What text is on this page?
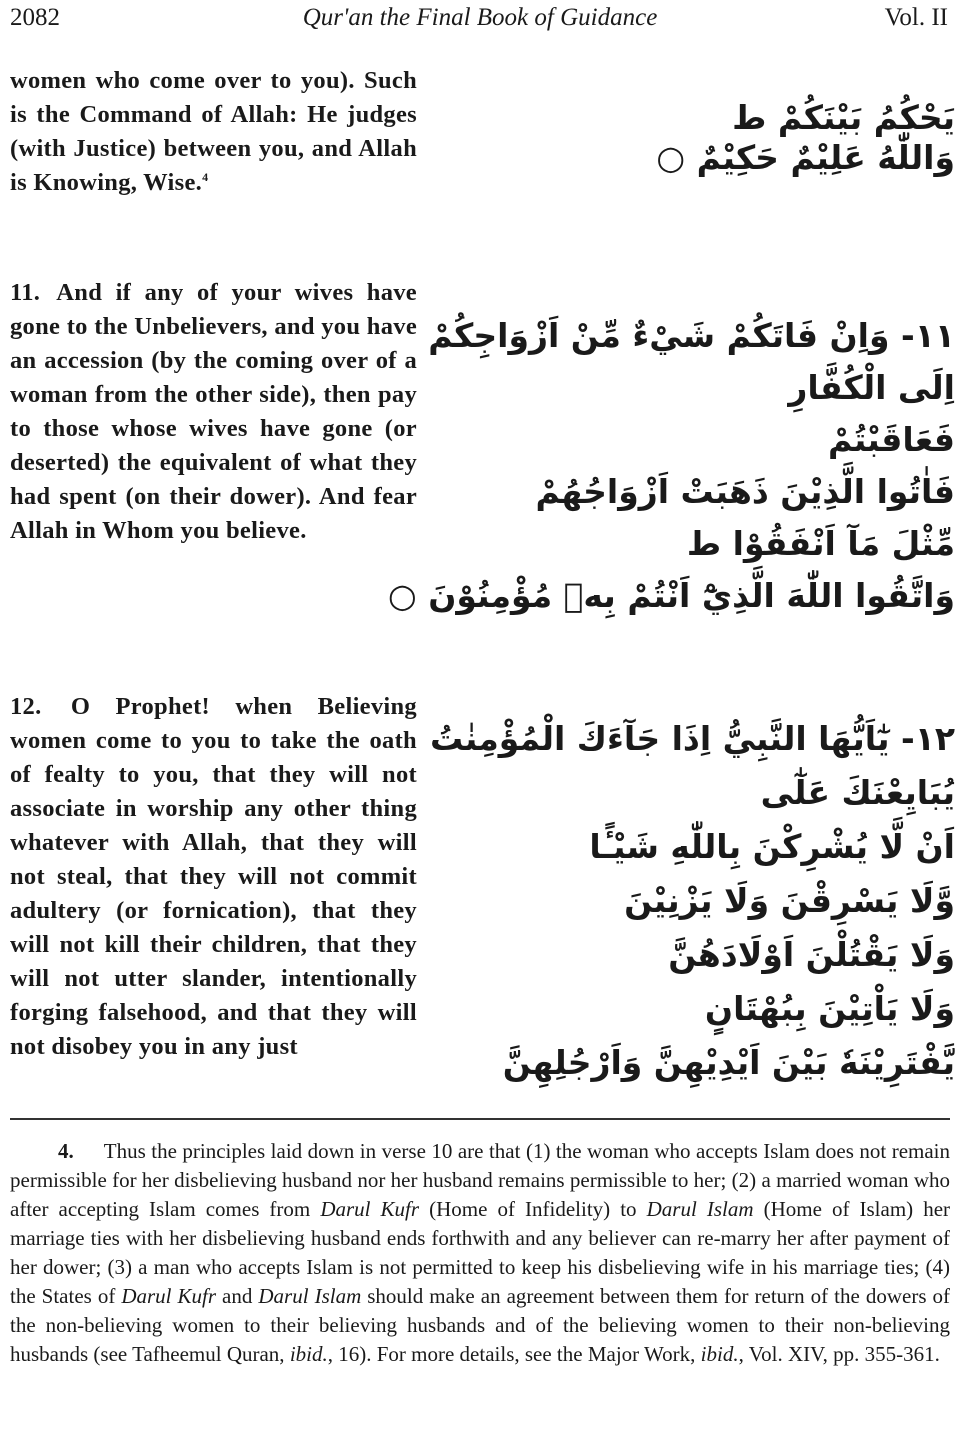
2082	Qur'an the Final Book of Guidance	Vol. II
women who come over to you). Such is the Command of Allah: He judges (with Justice) between you, and Allah is Knowing, Wise.$^4$
يَحْكُمُ بَيْنَكُمْ ط
وَاللّٰهُ عَلِيْمٌ حَكِيْمٌ ○
11. And if any of your wives have gone to the Unbelievers, and you have an accession (by the coming over of a woman from the other side), then pay to those whose wives have gone (or deserted) the equivalent of what they had spent (on their dower). And fear Allah in Whom you believe.
١١- وَاِنْ فَاتَكُمْ شَيْءٌ مِّنْ اَزْوَاجِكُمْ
اِلَى الْكُفَّارِ
فَعَاقَبْتُمْ
فَاٰتُوا الَّذِيْنَ ذَهَبَتْ اَزْوَاجُهُمْ
مِّثْلَ مَآ اَنْفَقُوْا ط
وَاتَّقُوا اللّٰهَ الَّذِيْٓ اَنْتُمْ بِهٖ مُؤْمِنُوْنَ ○
12. O Prophet! when Believing women come to you to take the oath of fealty to you, that they will not associate in worship any other thing whatever with Allah, that they will not steal, that they will not commit adultery (or fornication), that they will not kill their children, that they will not utter slander, intentionally forging falsehood, and that they will not disobey you in any just
١٢- يٰٓاَيُّهَا النَّبِيُّ اِذَا جَآءَكَ الْمُؤْمِنٰتُ
يُبَايِعْنَكَ عَلٰٓى
اَنْ لَّا يُشْرِكْنَ بِاللّٰهِ شَيْـًٔا
وَّلَا يَسْرِقْنَ وَلَا يَزْنِيْنَ
وَلَا يَقْتُلْنَ اَوْلَادَهُنَّ
وَلَا يَاْتِيْنَ بِبُهْتَانٍ
يَّفْتَرِيْنَهٗ بَيْنَ اَيْدِيْهِنَّ وَاَرْجُلِهِنَّ
4. Thus the principles laid down in verse 10 are that (1) the woman who accepts Islam does not remain permissible for her disbelieving husband nor her husband remains permissible to her; (2) a married woman who after accepting Islam comes from Darul Kufr (Home of Infidelity) to Darul Islam (Home of Islam) her marriage ties with her disbelieving husband ends forthwith and any believer can re-marry her after payment of her dower; (3) a man who accepts Islam is not permitted to keep his disbelieving wife in his marriage ties; (4) the States of Darul Kufr and Darul Islam should make an agreement between them for return of the dowers of the non-believing women to their believing husbands and of the believing women to their non-believing husbands (see Tafheemul Quran, ibid., 16). For more details, see the Major Work, ibid., Vol. XIV, pp. 355-361.
